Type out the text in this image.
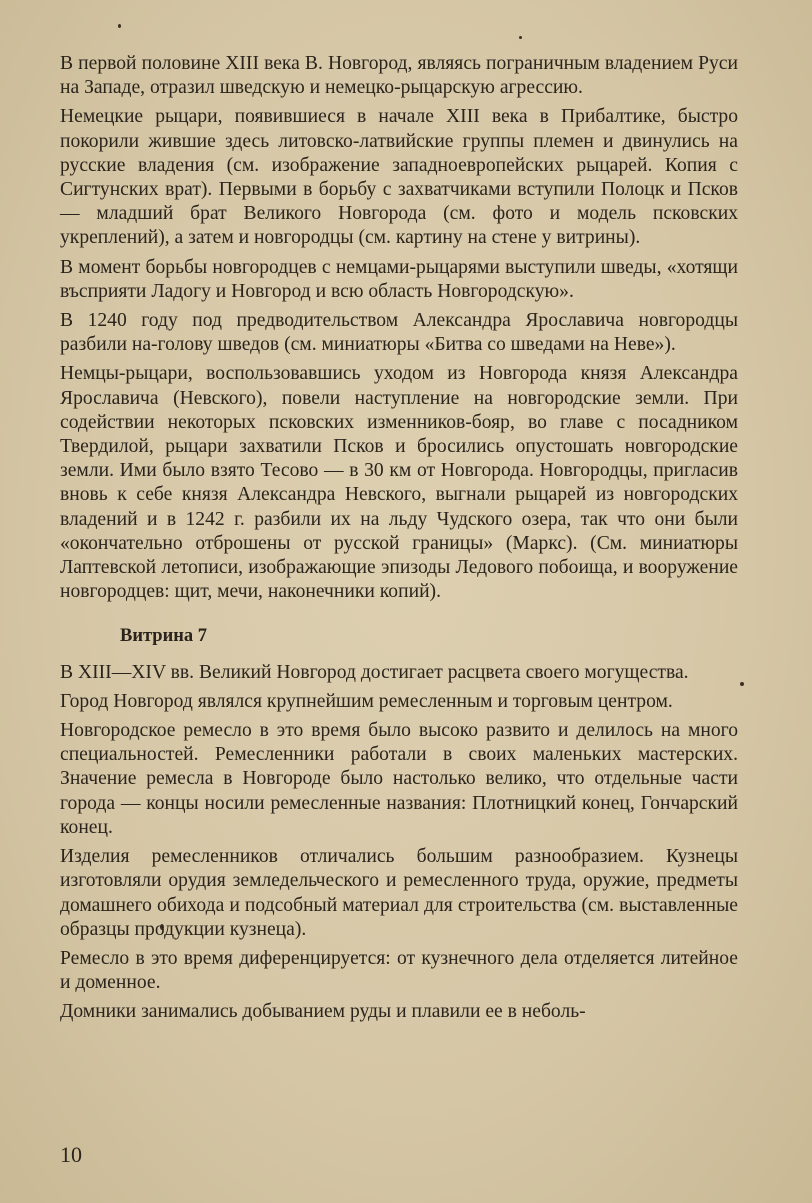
В первой половине XIII века В. Новгород, являясь пограничным владением Руси на Западе, отразил шведскую и немецко-рыцарскую агрессию.

Немецкие рыцари, появившиеся в начале XIII века в Прибалтике, быстро покорили жившие здесь литовско-латвийские группы племен и двинулись на русские владения (см. изображение западноевропейских рыцарей. Копия с Сигтунских врат). Первыми в борьбу с захватчиками вступили Полоцк и Псков — младший брат Великого Новгорода (см. фото и модель псковских укреплений), а затем и новгородцы (см. картину на стене у витрины).

В момент борьбы новгородцев с немцами-рыцарями выступили шведы, «хотящи въсприяти Ладогу и Новгород и всю область Новгородскую».

В 1240 году под предводительством Александра Ярославича новгородцы разбили на-голову шведов (см. миниатюры «Битва со шведами на Неве»).

Немцы-рыцари, воспользовавшись уходом из Новгорода князя Александра Ярославича (Невского), повели наступление на новгородские земли. При содействии некоторых псковских изменников-бояр, во главе с посадником Твердилой, рыцари захватили Псков и бросились опустошать новгородские земли. Ими было взято Тесово — в 30 км от Новгорода. Новгородцы, пригласив вновь к себе князя Александра Невского, выгнали рыцарей из новгородских владений и в 1242 г. разбили их на льду Чудского озера, так что они были «окончательно отброшены от русской границы» (Маркс). (См. миниатюры Лаптевской летописи, изображающие эпизоды Ледового побоища, и вооружение новгородцев: щит, мечи, наконечники копий).

Витрина 7

В XIII—XIV вв. Великий Новгород достигает расцвета своего могущества.

Город Новгород являлся крупнейшим ремесленным и торговым центром.

Новгородское ремесло в это время было высоко развито и делилось на много специальностей. Ремесленники работали в своих маленьких мастерских. Значение ремесла в Новгороде было настолько велико, что отдельные части города — концы носили ремесленные названия: Плотницкий конец, Гончарский конец.

Изделия ремесленников отличались большим разнообразием. Кузнецы изготовляли орудия земледельческого и ремесленного труда, оружие, предметы домашнего обихода и подсобный материал для строительства (см. выставленные образцы продукции кузнеца).

Ремесло в это время дифеpенцируется: от кузнечного дела отделяется литейное и доменное.

Домники занимались добыванием руды и плавили ее в неболь-

10
